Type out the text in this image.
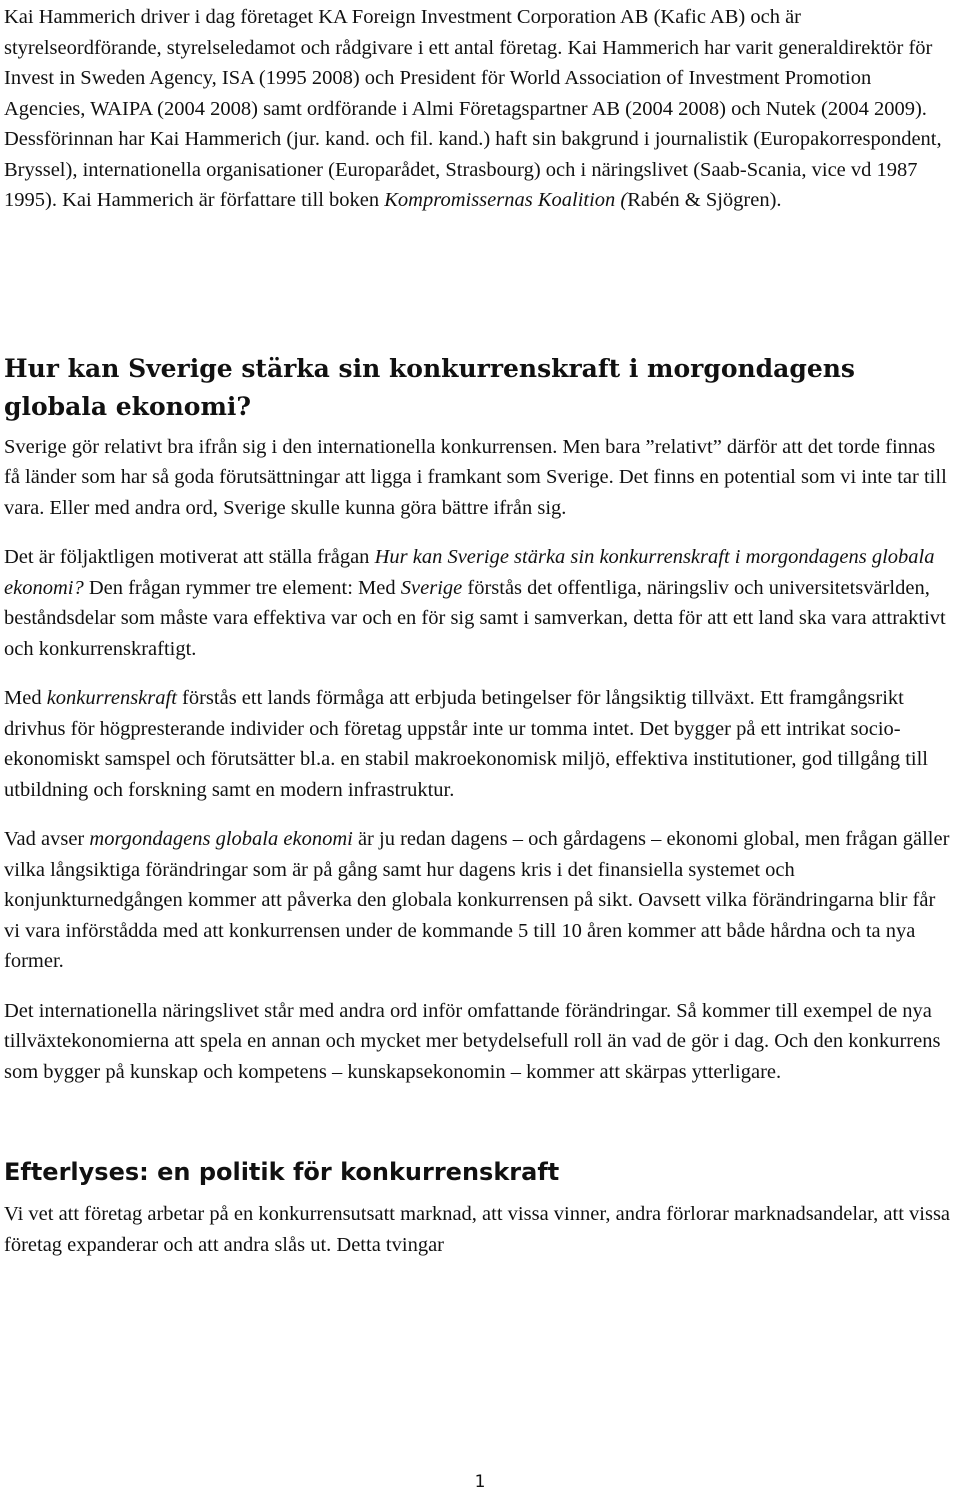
Kai Hammerich driver i dag företaget KA Foreign Investment Corporation AB (Kafic AB) och är styrelseordförande, styrelseledamot och rådgivare i ett antal företag. Kai Hammerich har varit generaldirektör för Invest in Sweden Agency, ISA (1995 2008) och President för World Association of Investment Promotion Agencies, WAIPA (2004 2008) samt ordförande i Almi Företagspartner AB (2004 2008) och Nutek (2004 2009). Dessförinnan har Kai Hammerich (jur. kand. och fil. kand.) haft sin bakgrund i journalistik (Europakorrespondent, Bryssel), internationella organisationer (Europarådet, Strasbourg) och i näringslivet (Saab-Scania, vice vd 1987 1995). Kai Hammerich är författare till boken Kompromissernas Koalition (Rabén & Sjögren).

Hur kan Sverige stärka sin konkurrenskraft i morgondagens globala ekonomi?

Sverige gör relativt bra ifrån sig i den internationella konkurrensen. Men bara ”relativt” därför att det torde finnas få länder som har så goda förutsättningar att ligga i framkant som Sverige. Det finns en potential som vi inte tar till vara. Eller med andra ord, Sverige skulle kunna göra bättre ifrån sig.

Det är följaktligen motiverat att ställa frågan Hur kan Sverige stärka sin konkurrenskraft i morgondagens globala ekonomi? Den frågan rymmer tre element: Med Sverige förstås det offentliga, näringsliv och universitetsvärlden, beståndsdelar som måste vara effektiva var och en för sig samt i samverkan, detta för att ett land ska vara attraktivt och konkurrenskraftigt.

Med konkurrenskraft förstås ett lands förmåga att erbjuda betingelser för långsiktig tillväxt. Ett framgångsrikt drivhus för högpresterande individer och företag uppstår inte ur tomma intet. Det bygger på ett intrikat socio-ekonomiskt samspel och förutsätter bl.a. en stabil makroekonomisk miljö, effektiva institutioner, god tillgång till utbildning och forskning samt en modern infrastruktur.

Vad avser morgondagens globala ekonomi är ju redan dagens – och gårdagens – ekonomi global, men frågan gäller vilka långsiktiga förändringar som är på gång samt hur dagens kris i det finansiella systemet och konjunkturnedgången kommer att påverka den globala konkurrensen på sikt. Oavsett vilka förändringarna blir får vi vara införstådda med att konkurrensen under de kommande 5 till 10 åren kommer att både hårdna och ta nya former.

Det internationella näringslivet står med andra ord inför omfattande förändringar. Så kommer till exempel de nya tillväxtekonomierna att spela en annan och mycket mer betydelsefull roll än vad de gör i dag. Och den konkurrens som bygger på kunskap och kompetens – kunskapsekonomin – kommer att skärpas ytterligare.

Efterlyses: en politik för konkurrenskraft

Vi vet att företag arbetar på en konkurrensutsatt marknad, att vissa vinner, andra förlorar marknadsandelar, att vissa företag expanderar och att andra slås ut. Detta tvingar

1
